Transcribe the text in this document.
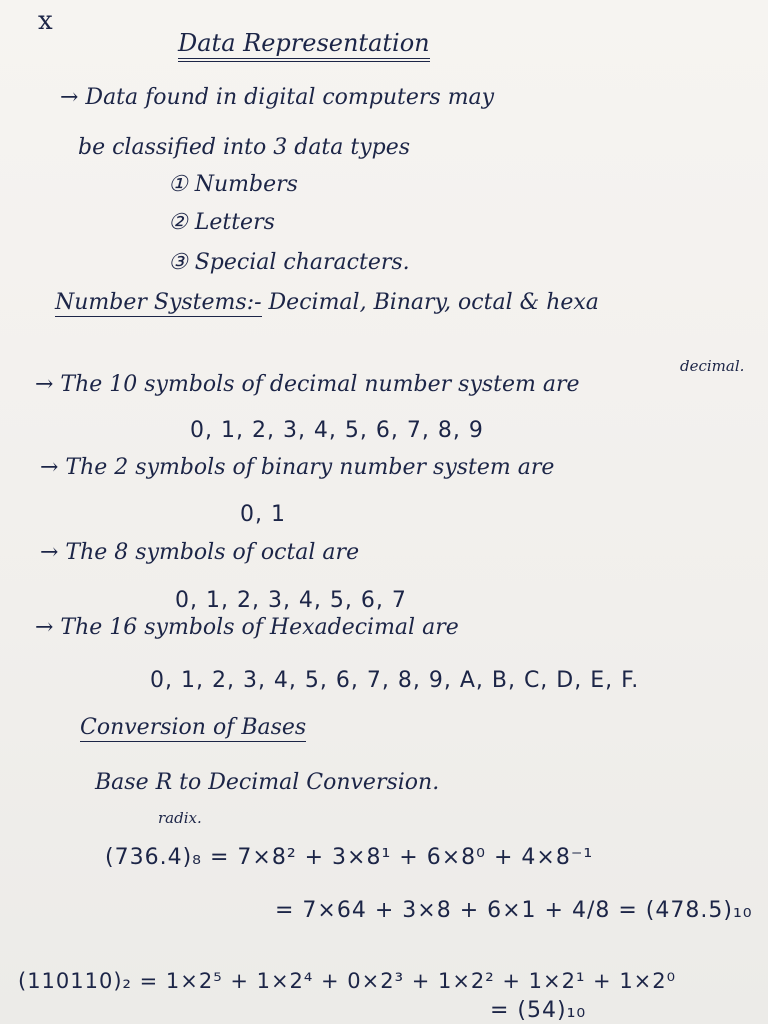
x
Data Representation
→ Data found in digital computers may
be classified into 3 data types
① Numbers
② Letters
③ Special characters.
Number Systems:- Decimal, Binary, octal & hexa
decimal.
→ The 10 symbols of decimal number system are
0, 1, 2, 3, 4, 5, 6, 7, 8, 9
→ The 2 symbols of binary number system are
0, 1
→ The 8 symbols of octal are
0, 1, 2, 3, 4, 5, 6, 7
→ The 16 symbols of Hexadecimal are
0, 1, 2, 3, 4, 5, 6, 7, 8, 9, A, B, C, D, E, F.
Conversion of Bases
Base R to Decimal Conversion.
radix.
(736.4)₈ = 7×8² + 3×8¹ + 6×8⁰ + 4×8⁻¹
= 7×64 + 3×8 + 6×1 + 4/8 = (478.5)₁₀
(110110)₂ = 1×2⁵ + 1×2⁴ + 0×2³ + 1×2² + 1×2¹ + 1×2⁰
= (54)₁₀
